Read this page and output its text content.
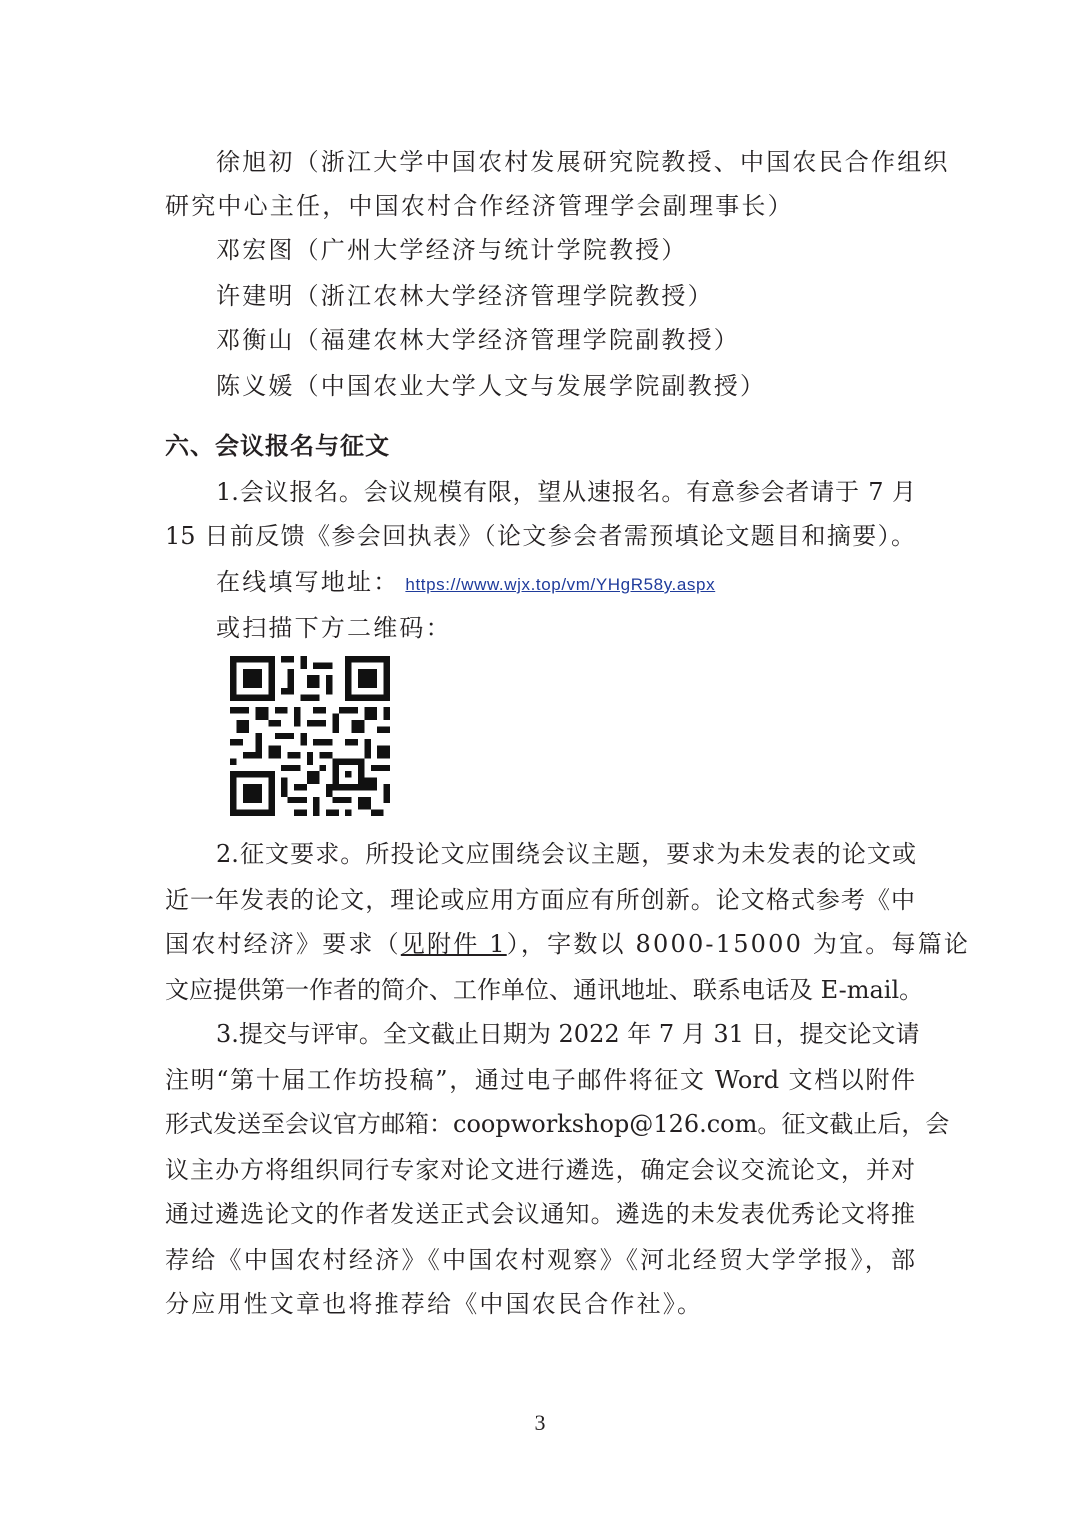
徐旭初（浙江大学中国农村发展研究院教授、中国农民合作组织
研究中心主任，中国农村合作经济管理学会副理事长）
邓宏图（广州大学经济与统计学院教授）
许建明（浙江农林大学经济管理学院教授）
邓衡山（福建农林大学经济管理学院副教授）
陈义媛（中国农业大学人文与发展学院副教授）
六、会议报名与征文
1.会议报名。会议规模有限，望从速报名。有意参会者请于 7 月
15 日前反馈《参会回执表》（论文参会者需预填论文题目和摘要）。
在线填写地址： https://www.wjx.top/vm/YHgR58y.aspx
或扫描下方二维码：
2.征文要求。所投论文应围绕会议主题，要求为未发表的论文或
近一年发表的论文，理论或应用方面应有所创新。论文格式参考《中
国农村经济》要求（见附件 1），字数以 8000-15000 为宜。每篇论
文应提供第一作者的简介、工作单位、通讯地址、联系电话及 E-mail。
3.提交与评审。全文截止日期为 2022 年 7 月 31 日，提交论文请
注明“第十届工作坊投稿”，通过电子邮件将征文 Word 文档以附件
形式发送至会议官方邮箱：coopworkshop@126.com。征文截止后，会
议主办方将组织同行专家对论文进行遴选，确定会议交流论文，并对
通过遴选论文的作者发送正式会议通知。遴选的未发表优秀论文将推
荐给《中国农村经济》《中国农村观察》《河北经贸大学学报》，部
分应用性文章也将推荐给《中国农民合作社》。
3
